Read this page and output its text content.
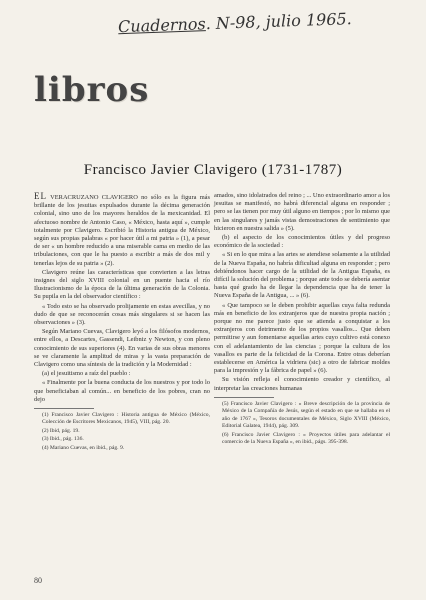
Cuadernos. N-98, julio 1965.
libros
Francisco Javier Clavigero (1731-1787)

EL VERACRUZANO CLAVIGERO no sólo es la figura más brillante de los jesuitas expulsados durante la décima generación colonial, sino uno de los mayores heraldos de la mexicanidad. El afectuoso nombre de Antonio Caso, « México, hasta aquí », cumple totalmente por Clavigero. Escribió la Historia antigua de México, según sus propias palabras « por hacer útil a mi patria » (1), a pesar de ser « un hombre reducido a una miserable cama en medio de las tribulaciones, con que le ha puesto a escribir a más de dos mil y tenerlas lejos de su patria » (2).

Clavigero reúne las características que convierten a las letras insignes del siglo XVIII colonial en un puente hacia el río Ilustracionismo de la época de la última generación de la Colonia. Su pupila en la del observador científico :

« Todo esto se ha observado prolijamente en estas avecillas, y no dudo de que se reconocerán cosas más singulares si se hacen las observaciones » (3).

Según Mariano Cuevas, Clavigero leyó a los filósofos modernos, entre ellos, a Descartes, Gassendi, Leibniz y Newton, y con pleno conocimiento de sus superiores (4). En varias de sus obras menores se ve claramente la amplitud de miras y la vasta preparación de Clavigero como una síntesis de la tradición y la Modernidad :

(a) el jesuitismo a raíz del pueblo :

« Finalmente por la buena conducta de los nuestros y por todo lo que beneficiaban al común... en beneficio de los pobres, cran no dejo

(1) Francisco Javier Clavigero : Historia antigua de México (México, Colección de Escritores Mexicanos, 1945), VIII, pág. 20.

(2) Ibid, pág. 19.

(3) Ibid., pág. 136.

(4) Mariano Cuevas, en ibid., pág. 9.

amados, sino idolatrados del reino ; ... Uno extraordinario amor a los jesuitas se manifestó, no habrá diferencial alguna en responder ; pero se las tienen por muy útil alguno en tiempos ; por lo mismo que en las singulares y jamás vistas demostraciones de sentimiento que hicieron en nuestra salida » (5).

(b) el aspecto de los conocimientos útiles y del progreso económico de la sociedad :

« Si en lo que mira a las artes se atendiese solamente a la utilidad de la Nueva España, no habría dificultad alguna en responder ; pero debiéndonos hacer cargo de la utilidad de la Antigua España, es difícil la solución del problema ; porque ante todo se debería asentar hasta qué grado ha de llegar la dependencia que ha de tener la Nueva España de la Antigua, ... » (6).

« Que tampoco se le deben prohibir aquellas cuya falta redunda más en beneficio de los extranjeros que de nuestra propia nación ; porque no me parece justo que se atienda a conquistar a los extranjeros con detrimento de los propios vasallos... Que deben permitirse y aun fomentarse aquellas artes cuyo cultivo está conexo con el adelantamiento de las ciencias ; porque la cultura de los vasallos es parte de la felicidad de la Corona. Entre otras deberían establecerse en América la vidriera (sic) a otro de fabricar moldes para la impresión y la fábrica de papel » (6).

Su visión refleja el conocimiento creador y científico, al interpretar las creaciones humanas

(5) Francisco Javier Clavigero : « Breve descripción de la provincia de México de la Compañía de Jesús, según el estado en que se hallaba en el año de 1767 », Tesoros documentales de México, Siglo XVIII (México, Editorial Galatea, 1944), pág. 309.

(6) Francisco Javier Clavigero : « Proyectos útiles para adelantar el comercio de la Nueva España », en ibid., págs. 395-398.

80
